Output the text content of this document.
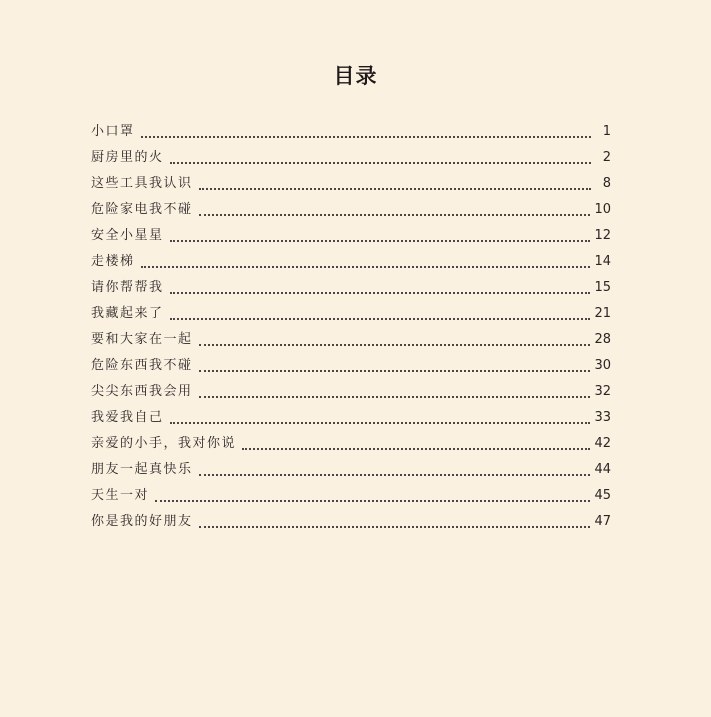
目录
小口罩	1
厨房里的火	2
这些工具我认识	8
危险家电我不碰	10
安全小星星	12
走楼梯	14
请你帮帮我	15
我藏起来了	21
要和大家在一起	28
危险东西我不碰	30
尖尖东西我会用	32
我爱我自己	33
亲爱的小手，我对你说	42
朋友一起真快乐	44
天生一对	45
你是我的好朋友	47
